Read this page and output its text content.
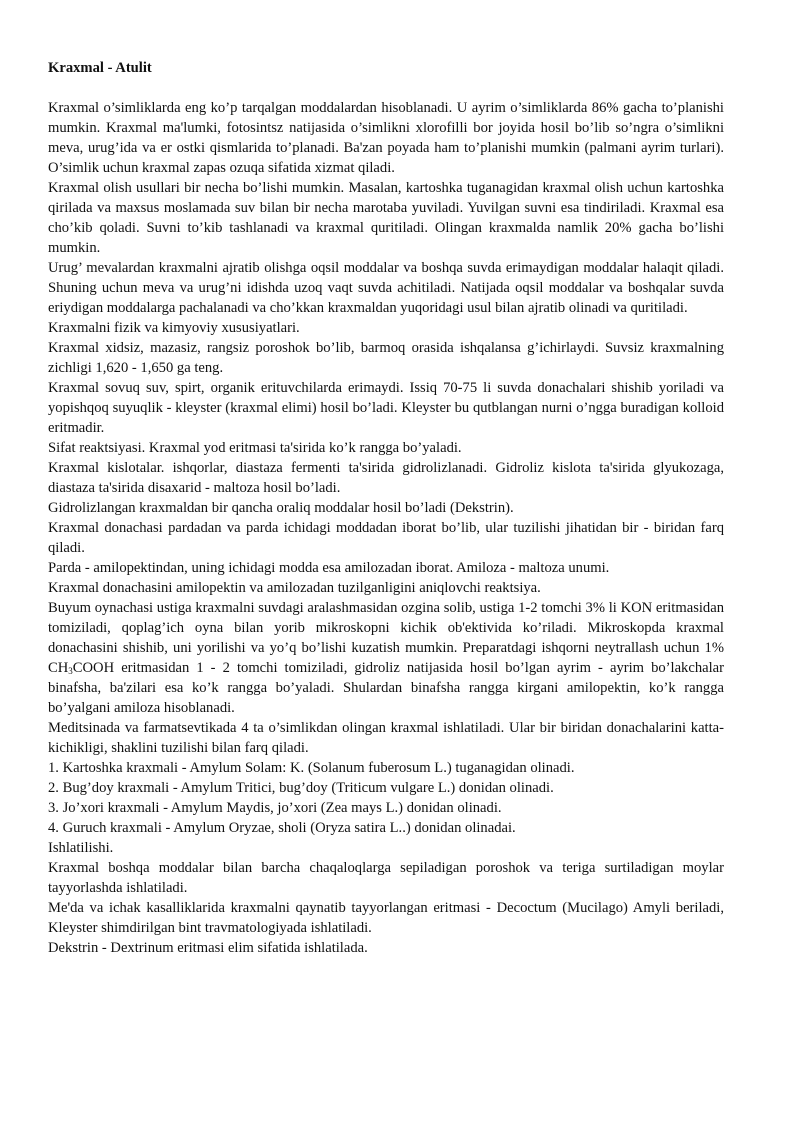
Kraxmal - Atulit

Kraxmal o’simliklarda eng ko’p tarqalgan moddalardan hisoblanadi. U ayrim o’simliklarda 86% gacha to’planishi mumkin. Kraxmal ma'lumki, fotosintsz natijasida o’simlikni xlorofilli bor joyida hosil bo’lib so’ngra o’simlikni meva, urug’ida va er ostki qismlarida to’planadi. Ba'zan poyada ham to’planishi mumkin (palmani ayrim turlari). O’simlik uchun kraxmal zapas ozuqa sifatida xizmat qiladi.

Kraxmal olish usullari bir necha bo’lishi mumkin. Masalan, kartoshka tuganagidan kraxmal olish uchun kartoshka qirilada va maxsus moslamada suv bilan bir necha marotaba yuviladi. Yuvilgan suvni esa tindiriladi. Kraxmal esa cho’kib qoladi. Suvni to’kib tashlanadi va kraxmal quritiladi. Olingan kraxmalda namlik 20% gacha bo’lishi mumkin.

Urug’ mevalardan kraxmalni ajratib olishga oqsil moddalar va boshqa suvda erimaydigan moddalar halaqit qiladi. Shuning uchun meva va urug’ni idishda uzoq vaqt suvda achitiladi. Natijada oqsil moddalar va boshqalar suvda eriydigan moddalarga pachalanadi va cho’kkan kraxmaldan yuqoridagi usul bilan ajratib olinadi va quritiladi.

Kraxmalni fizik va kimyoviy xususiyatlari.

Kraxmal xidsiz, mazasiz, rangsiz poroshok bo’lib, barmoq orasida ishqalansa g’ichirlaydi. Suvsiz kraxmalning zichligi 1,620 - 1,650 ga teng.

Kraxmal sovuq suv, spirt, organik erituvchilarda erimaydi. Issiq 70-75 li suvda donachalari shishib yoriladi va yopishqoq suyuqlik - kleyster (kraxmal elimi) hosil bo’ladi. Kleyster bu qutblangan nurni o’ngga buradigan kolloid eritmadir.

Sifat reaktsiyasi. Kraxmal yod eritmasi ta'sirida ko’k rangga bo’yaladi.

Kraxmal kislotalar. ishqorlar, diastaza fermenti ta'sirida gidrolizlanadi. Gidroliz kislota ta'sirida glyukozaga, diastaza ta'sirida disaxarid - maltoza hosil bo’ladi.

Gidrolizlangan kraxmaldan bir qancha oraliq moddalar hosil bo’ladi (Dekstrin).

Kraxmal donachasi pardadan va parda ichidagi moddadan iborat bo’lib, ular tuzilishi jihatidan bir - biridan farq qiladi.

Parda - amilopektindan, uning ichidagi modda esa amilozadan iborat. Amiloza - maltoza unumi.

Kraxmal donachasini amilopektin va amilozadan tuzilganligini aniqlovchi reaktsiya.

Buyum oynachasi ustiga kraxmalni suvdagi aralashmasidan ozgina solib, ustiga 1-2 tomchi 3% li KON eritmasidan tomiziladi, qoplag’ich oyna bilan yorib mikroskopni kichik ob'ektivida ko’riladi. Mikroskopda kraxmal donachasini shishib, uni yorilishi va yo’q bo’lishi kuzatish mumkin. Preparatdagi ishqorni neytrallash uchun 1% $CH_3COOH$ eritmasidan 1 - 2 tomchi tomiziladi, gidroliz natijasida hosil bo’lgan ayrim - ayrim bo’lakchalar binafsha, ba'zilari esa ko’k rangga bo’yaladi. Shulardan binafsha rangga kirgani amilopektin, ko’k rangga bo’yalgani amiloza hisoblanadi.

Meditsinada va farmatsevtikada 4 ta o’simlikdan olingan kraxmal ishlatiladi. Ular bir biridan donachalarini katta-kichikligi, shaklini tuzilishi bilan farq qiladi.

1. Kartoshka kraxmali - Amylum Solam: K. (Solanum fuberosum L.) tuganagidan olinadi.

2. Bug’doy kraxmali - Amylum Tritici, bug’doy (Triticum vulgare L.) donidan olinadi.

3. Jo’xori kraxmali - Amylum Maydis, jo’xori (Zea mays L.) donidan olinadi.

4. Guruch kraxmali - Amylum Oryzae, sholi (Oryza satira L..) donidan olinadai.

Ishlatilishi.

Kraxmal boshqa moddalar bilan barcha chaqaloqlarga sepiladigan poroshok va teriga surtiladigan moylar tayyorlashda ishlatiladi.

Me'da va ichak kasalliklarida kraxmalni qaynatib tayyorlangan eritmasi - Decoctum (Mucilago) Amyli beriladi, Kleyster shimdirilgan bint travmatologiyada ishlatiladi.

Dekstrin - Dextrinum eritmasi elim sifatida ishlatilada.
